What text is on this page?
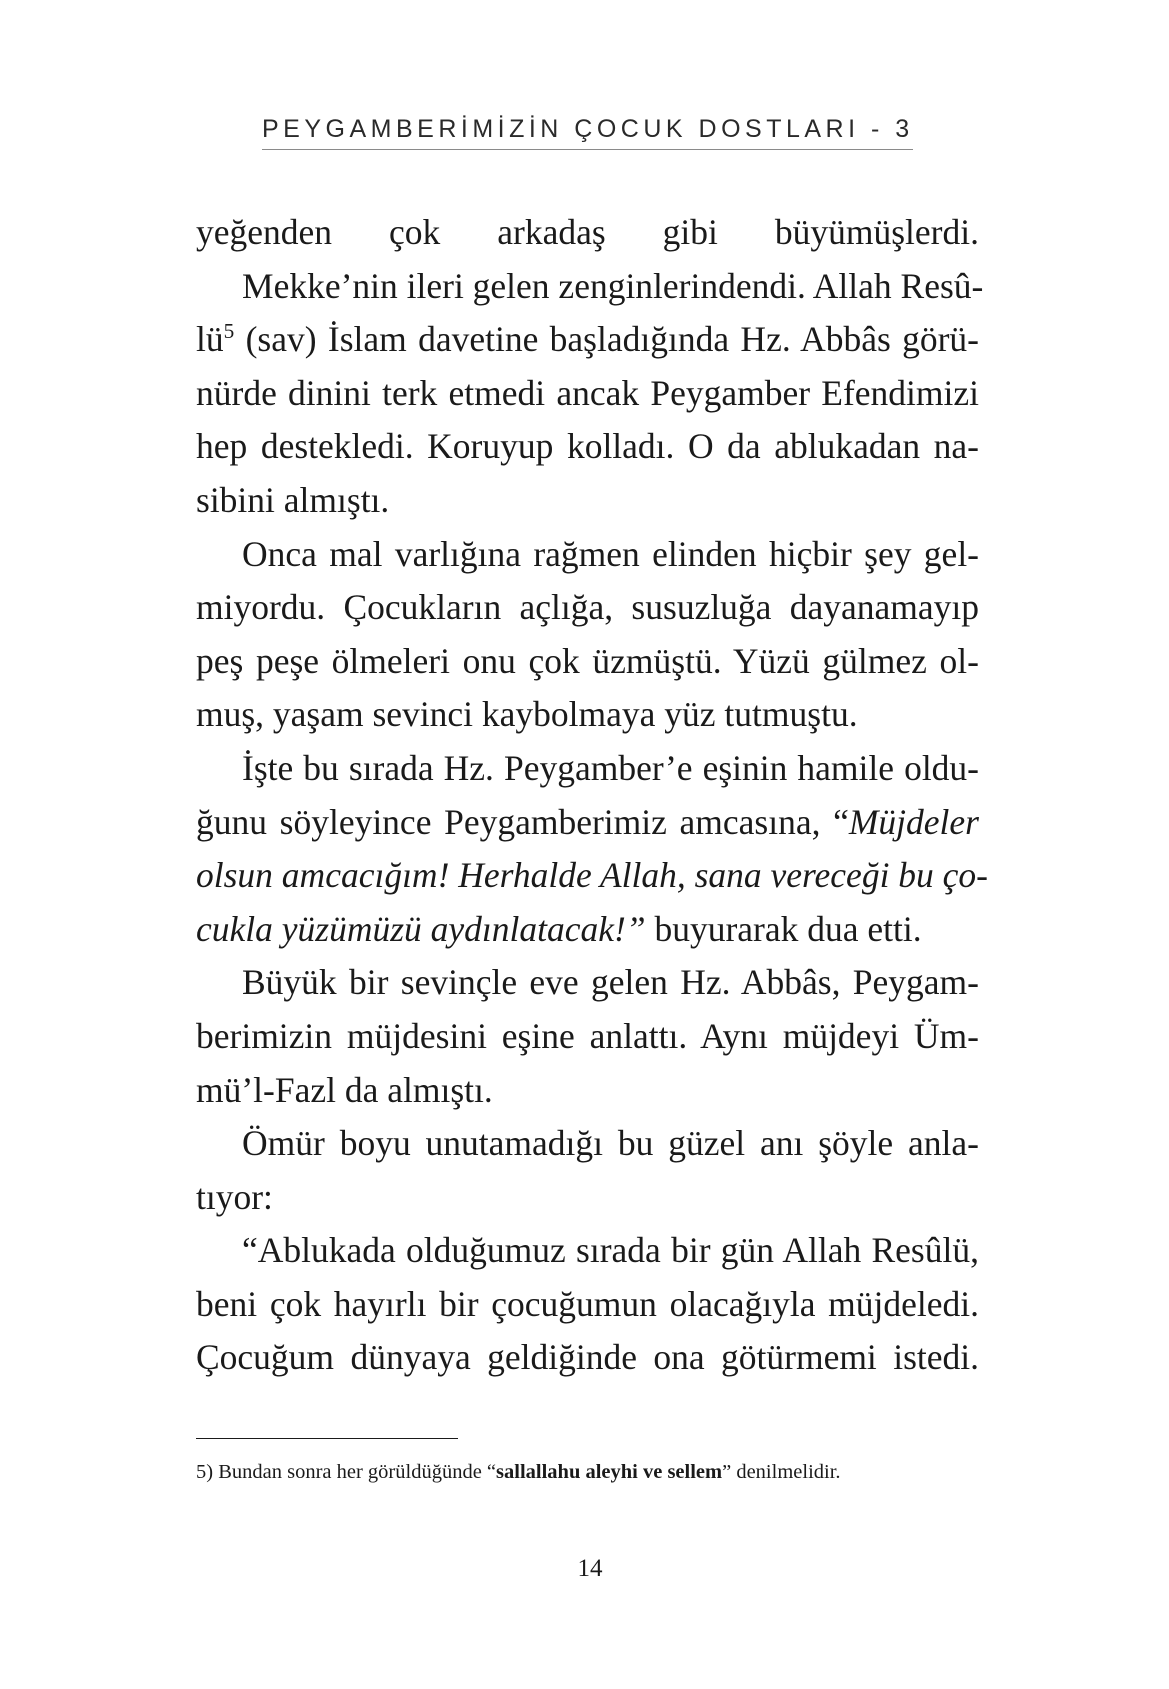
PEYGAMBERİMİZİN ÇOCUK DOSTLARI - 3
yeğenden çok arkadaş gibi büyümüşlerdi.
Mekke’nin ileri gelen zenginlerindendi. Allah Resû-
$lü^5$ (sav) İslam davetine başladığında Hz. Abbâs görü-
nürde dinini terk etmedi ancak Peygamber Efendimizi
hep destekledi. Koruyup kolladı. O da ablukadan na-
sibini almıştı.
Onca mal varlığına rağmen elinden hiçbir şey gel-
miyordu. Çocukların açlığa, susuzluğa dayanamayıp
peş peşe ölmeleri onu çok üzmüştü. Yüzü gülmez ol-
muş, yaşam sevinci kaybolmaya yüz tutmuştu.
İşte bu sırada Hz. Peygamber’e eşinin hamile oldu-
ğunu söyleyince Peygamberimiz amcasına, “Müjdeler
olsun amcacığım! Herhalde Allah, sana vereceği bu ço-
cukla yüzümüzü aydınlatacak!” buyurarak dua etti.
Büyük bir sevinçle eve gelen Hz. Abbâs, Peygam-
berimizin müjdesini eşine anlattı. Aynı müjdeyi Üm-
mü’l-Fazl da almıştı.
Ömür boyu unutamadığı bu güzel anı şöyle anla-
tıyor:
“Ablukada olduğumuz sırada bir gün Allah Resûlü,
beni çok hayırlı bir çocuğumun olacağıyla müjdeledi.
Çocuğum dünyaya geldiğinde ona götürmemi istedi.
5) Bundan sonra her görüldüğünde “sallallahu aleyhi ve sellem” denilmelidir.
14
